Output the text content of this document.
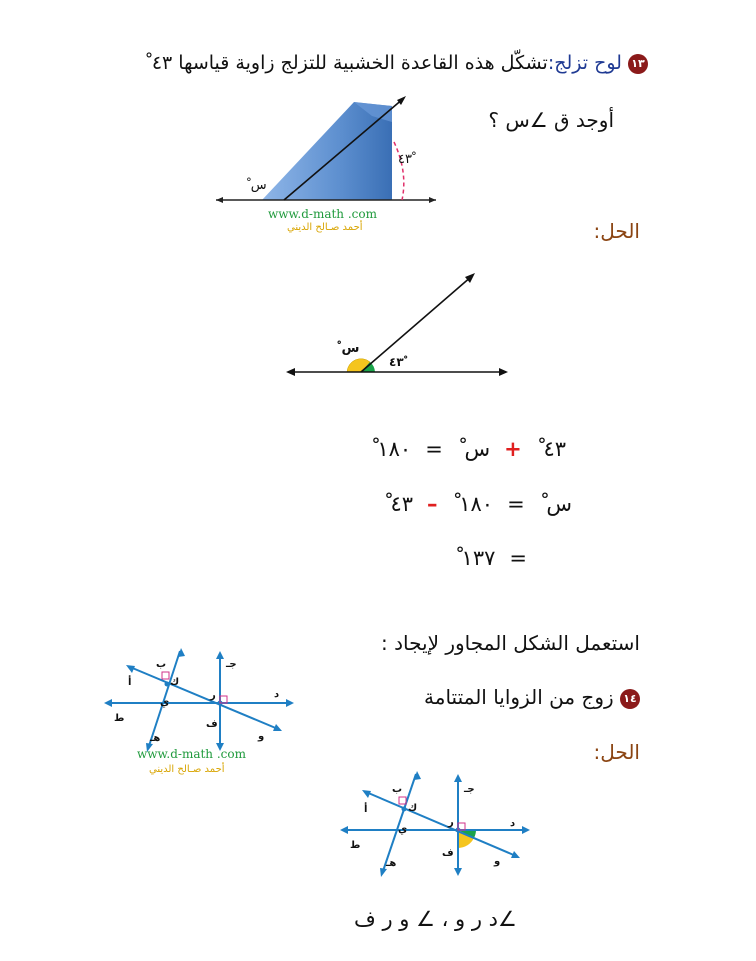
١٣ لوح تزلج:تشكّل هذه القاعدة الخشبية للتزلج زاوية قياسها ٤٣ ْ
٤٣ ْ
س ْ
www.d-math .com
أحمد صـالح الديني
أوجد ق ∠س ؟
الحل:
س ْ
٤٣ ْ
٤٣ ْ
+
س ْ
=
١٨٠ ْ
س ْ
=
١٨٠ ْ
–
٤٣ ْ
=
١٣٧ ْ
استعمل الشكل المجاور لإيجاد :
١٤ زوج من الزوايا المتتامة
الحل:
ب
أ	ك
ي
ط
هـ
جـ
ر	د
ف
و
www.d-math .com
أحمد صـالح الديني
ب
أ	ك
ي
ط
هـ
جـ
ر	د
ف
و
∠د ر و ، ∠ و ر ف
